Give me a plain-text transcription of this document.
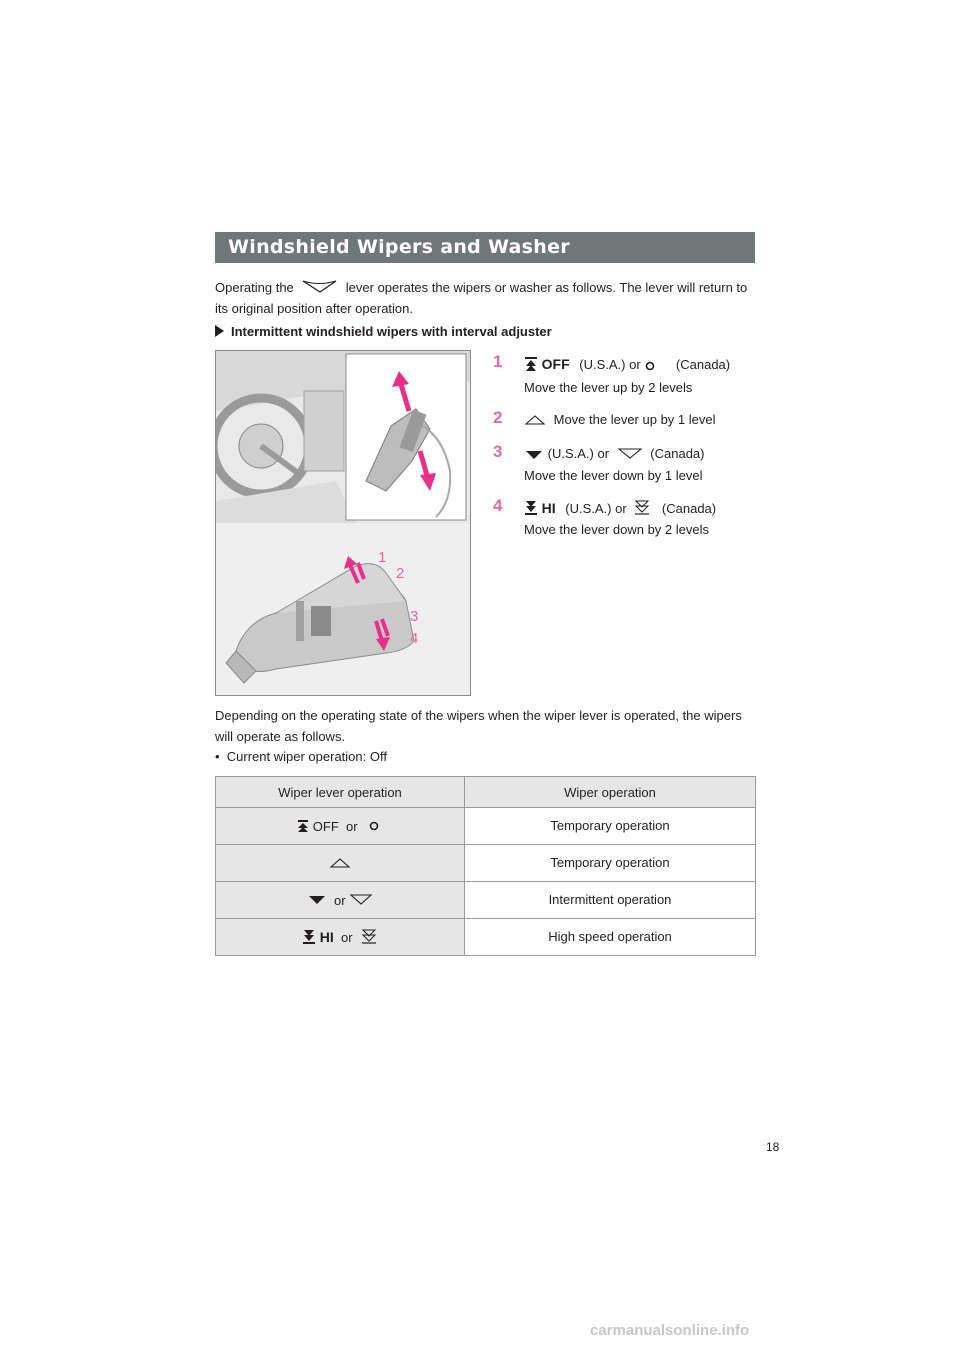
Windshield Wipers and Washer
Operating the	lever operates the wipers or washer as follows. The lever will return to its original position after operation.
Intermittent windshield wipers with interval adjuster
1
2
3
4
1	OFF (U.S.A.) or	(Canada)
Move the lever up by 2 levels
2	Move the lever up by 1 level
3	(U.S.A.) or	(Canada)
Move the lever down by 1 level
4	HI (U.S.A.) or	(Canada)
Move the lever down by 2 levels
Depending on the operating state of the wipers when the wiper lever is operated, the wipers will operate as follows.
•  Current wiper operation: Off
Wiper lever operation	Wiper operation
OFF or	Temporary operation
	Temporary operation
or	Intermittent operation
HI or	High speed operation
18
carmanualsonline.info
